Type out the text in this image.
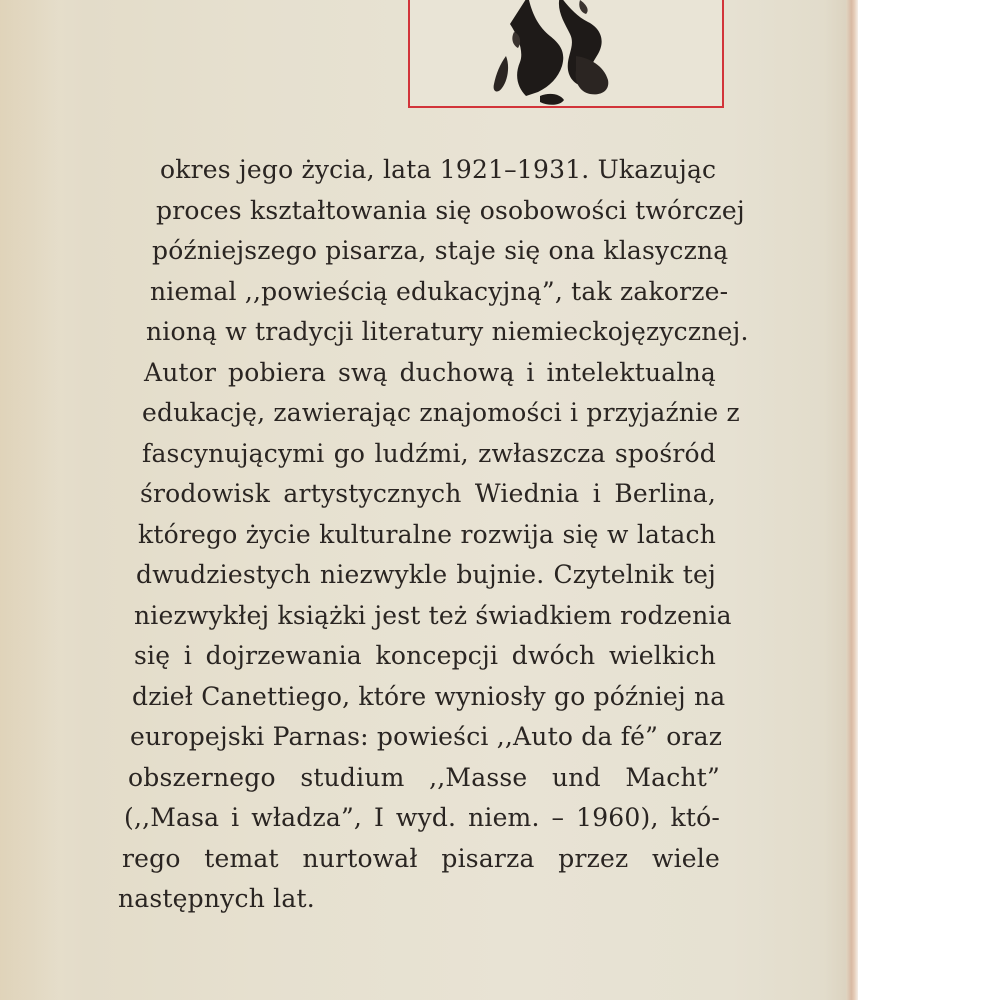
okres jego życia, lata 1921–1931. Ukazując
proces kształtowania się osobowości twórczej
późniejszego pisarza, staje się ona klasyczną
niemal ,,powieścią edukacyjną”, tak zakorze-
nioną w tradycji literatury niemieckojęzycznej.
Autor pobiera swą duchową i intelektualną
edukację, zawierając znajomości i przyjaźnie z
fascynującymi go ludźmi, zwłaszcza spośród
środowisk artystycznych Wiednia i Berlina,
którego życie kulturalne rozwija się w latach
dwudziestych niezwykle bujnie. Czytelnik tej
niezwykłej książki jest też świadkiem rodzenia
się i dojrzewania koncepcji dwóch wielkich
dzieł Canettiego, które wyniosły go później na
europejski Parnas: powieści ,,Auto da fé” oraz
obszernego studium ,,Masse und Macht”
(,,Masa i władza”, I wyd. niem. – 1960), któ-
rego temat nurtował pisarza przez wiele
następnych lat.
